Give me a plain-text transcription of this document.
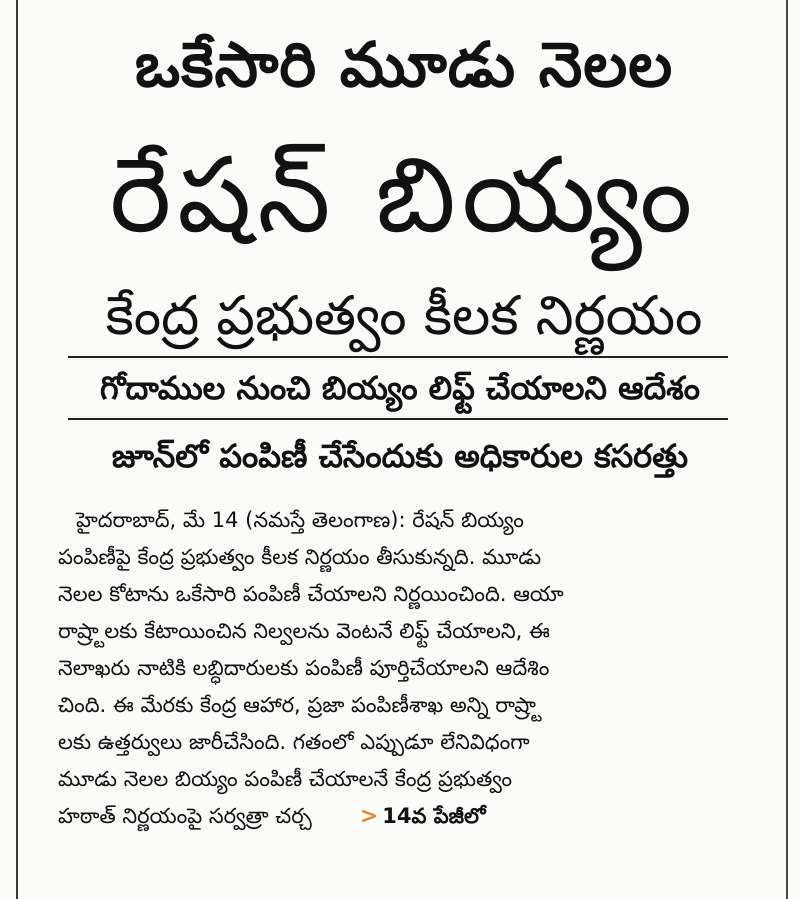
ఒకేసారి మూడు నెలల
రేషన్ బియ్యం
కేంద్ర ప్రభుత్వం కీలక నిర్ణయం
గోదాముల నుంచి బియ్యం లిఫ్ట్ చేయాలని ఆదేశం
జూన్‌లో పంపిణీ చేసేందుకు అధికారుల కసరత్తు
హైదరాబాద్, మే 14 (నమస్తే తెలంగాణ): రేషన్ బియ్యం
పంపిణీపై కేంద్ర ప్రభుత్వం కీలక నిర్ణయం తీసుకున్నది. మూడు
నెలల కోటాను ఒకేసారి పంపిణీ చేయాలని నిర్ణయించింది. ఆయా
రాష్ర్టాలకు కేటాయించిన నిల్వలను వెంటనే లిఫ్ట్ చేయాలని, ఈ
నెలాఖరు నాటికి లబ్ధిదారులకు పంపిణీ పూర్తిచేయాలని ఆదేశిం
చింది. ఈ మేరకు కేంద్ర ఆహార, ప్రజా పంపిణీశాఖ అన్ని రాష్ర్టా
లకు ఉత్తర్వులు జారీచేసింది. గతంలో ఎప్పుడూ లేనివిధంగా
మూడు నెలల బియ్యం పంపిణీ చేయాలనే కేంద్ర ప్రభుత్వం
హఠాత్ నిర్ణయంపై సర్వత్రా చర్చ > 14వ పేజీలో
